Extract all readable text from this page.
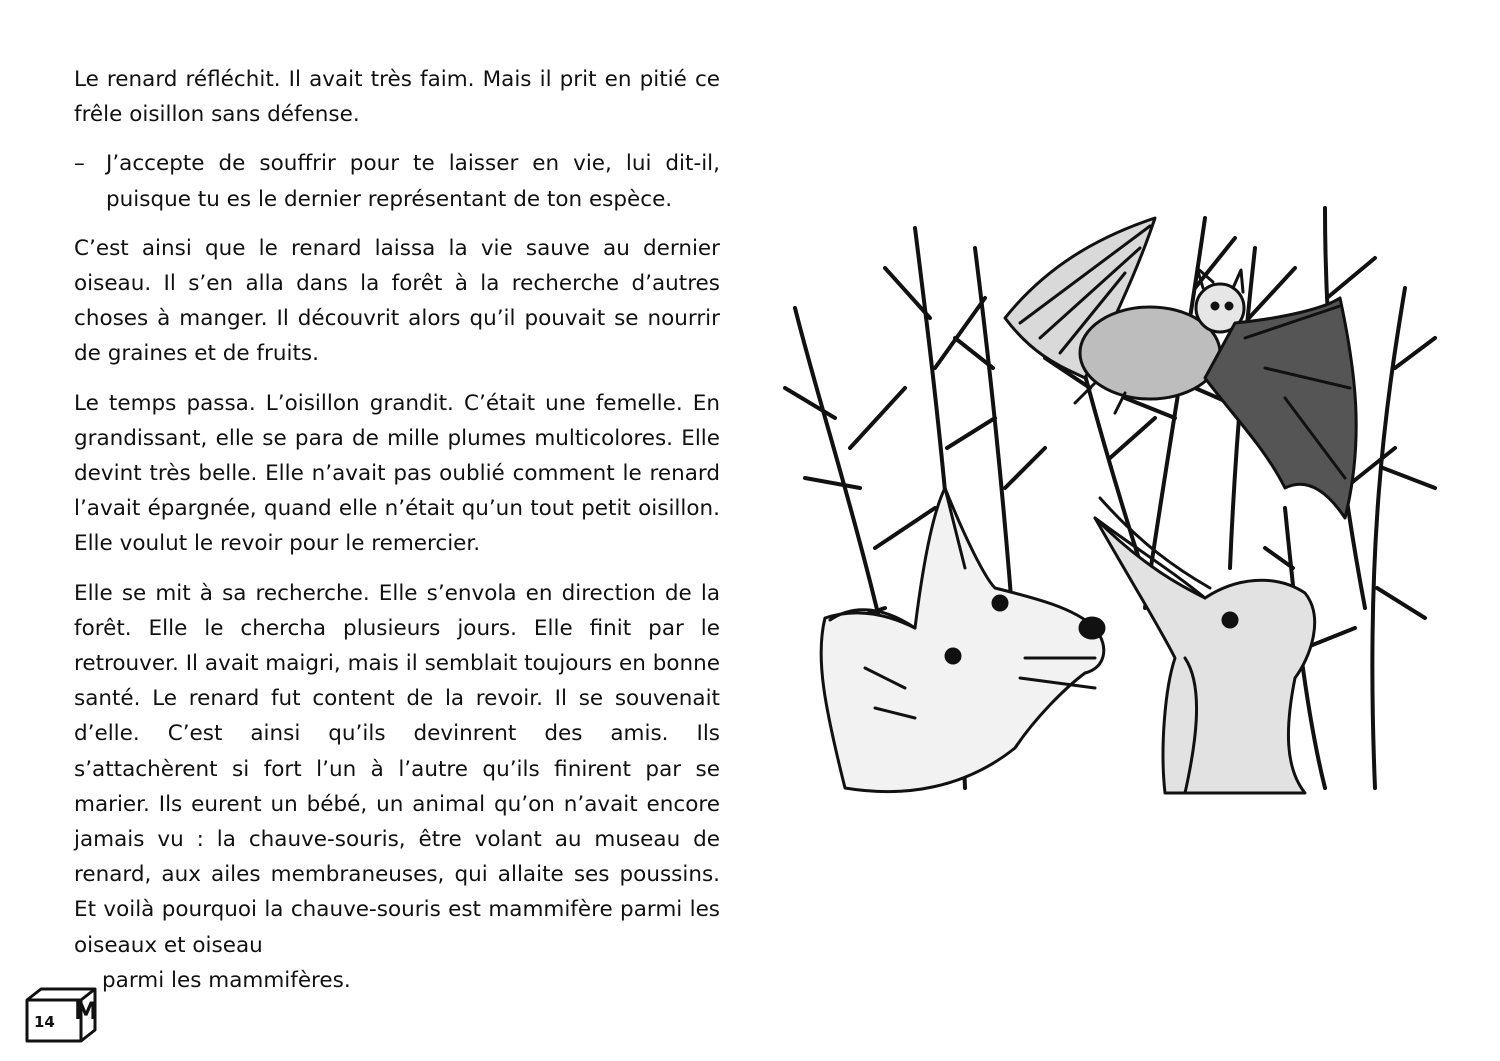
Le renard réfléchit. Il avait très faim. Mais il prit en pitié ce frêle oisillon sans défense.

– J’accepte de souffrir pour te laisser en vie, lui dit-il, puisque tu es le dernier représentant de ton espèce.

C’est ainsi que le renard laissa la vie sauve au dernier oiseau. Il s’en alla dans la forêt à la recherche d’autres choses à manger. Il découvrit alors qu’il pouvait se nourrir de graines et de fruits.

Le temps passa. L’oisillon grandit. C’était une femelle. En grandissant, elle se para de mille plumes multicolores. Elle devint très belle. Elle n’avait pas oublié comment le renard l’avait épargnée, quand elle n’était qu’un tout petit oisillon. Elle voulut le revoir pour le remercier.

Elle se mit à sa recherche. Elle s’envola en direction de la forêt. Elle le chercha plusieurs jours. Elle finit par le retrouver. Il avait maigri, mais il semblait toujours en bonne santé. Le renard fut content de la revoir. Il se souvenait d’elle. C’est ainsi qu’ils devinrent des amis. Ils s’attachèrent si fort l’un à l’autre qu’ils finirent par se marier. Ils eurent un bébé, un animal qu’on n’avait encore jamais vu : la chauve-souris, être volant au museau de renard, aux ailes membraneuses, qui allaite ses poussins. Et voilà pourquoi la chauve-souris est mammifère parmi les oiseaux et oiseau

parmi les mammifères.
14 M
